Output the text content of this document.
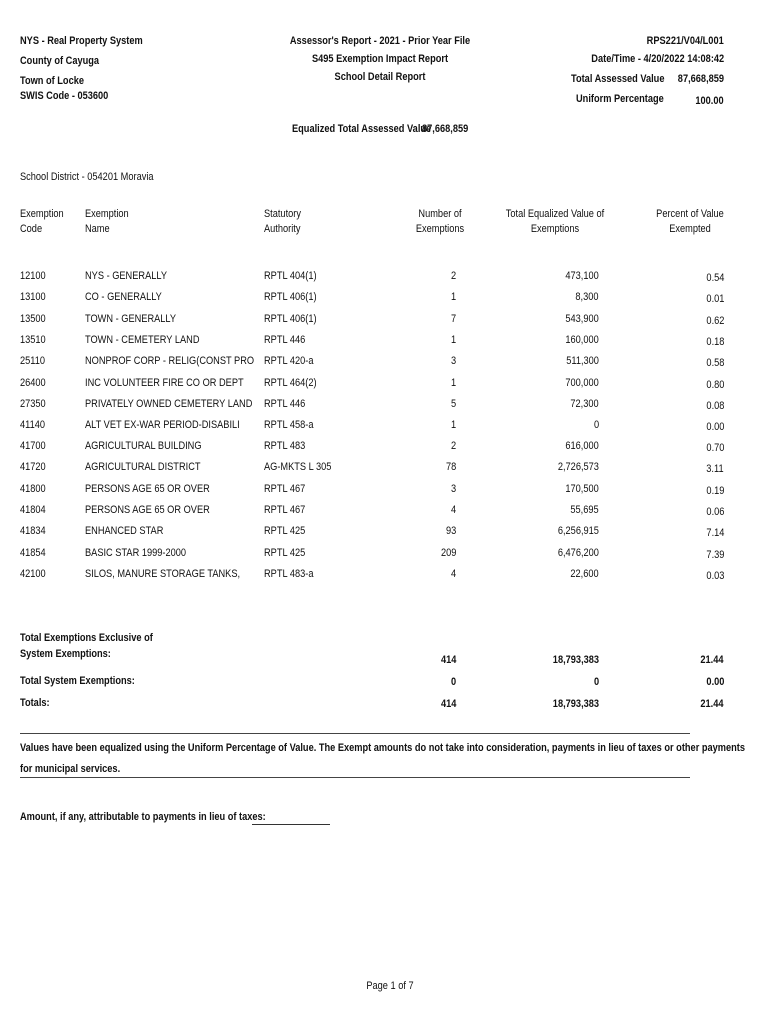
NYS - Real Property System
County of Cayuga
Town of Locke
SWIS Code - 053600
Assessor's Report - 2021 - Prior Year File
S495 Exemption Impact Report
School Detail Report
RPS221/V04/L001
Date/Time - 4/20/2022 14:08:42
Total Assessed Value 87,668,859
Uniform Percentage	100.00
Equalized Total Assessed Value
87,668,859
School District - 054201 Moravia
Exemption
Code
Exemption
Name
Statutory
Authority
Number of
Exemptions
Total Equalized Value of
Exemptions
Percent of Value
Exempted
12100	NYS - GENERALLY	RPTL 404(1)	2	473,100	0.54
13100	CO - GENERALLY	RPTL 406(1)	1	8,300	0.01
13500	TOWN - GENERALLY	RPTL 406(1)	7	543,900	0.62
13510	TOWN - CEMETERY LAND	RPTL 446	1	160,000	0.18
25110	NONPROF CORP - RELIG(CONST PRO RPTL 420-a	3	511,300	0.58
26400	INC VOLUNTEER FIRE CO OR DEPT RPTL 464(2)	1	700,000	0.80
27350	PRIVATELY OWNED CEMETERY LAND RPTL 446	5	72,300	0.08
41140	ALT VET EX-WAR PERIOD-DISABILI RPTL 458-a	1	0	0.00
41700	AGRICULTURAL BUILDING	RPTL 483	2	616,000	0.70
41720	AGRICULTURAL DISTRICT	AG-MKTS L 305	78	2,726,573	3.11
41800	PERSONS AGE 65 OR OVER	RPTL 467	3	170,500	0.19
41804	PERSONS AGE 65 OR OVER	RPTL 467	4	55,695	0.06
41834	ENHANCED STAR	RPTL 425	93	6,256,915	7.14
41854	BASIC STAR 1999-2000	RPTL 425	209	6,476,200	7.39
42100	SILOS, MANURE STORAGE TANKS, RPTL 483-a	4	22,600	0.03
Total Exemptions Exclusive of
System Exemptions:	414	18,793,383	21.44
Total System Exemptions:	0	0	0.00
Totals:	414	18,793,383	21.44
Values have been equalized using the Uniform Percentage of Value. The Exempt amounts do not take into consideration, payments in lieu of taxes or other payments
for municipal services.
Amount, if any, attributable to payments in lieu of taxes:
Page 1 of 7
